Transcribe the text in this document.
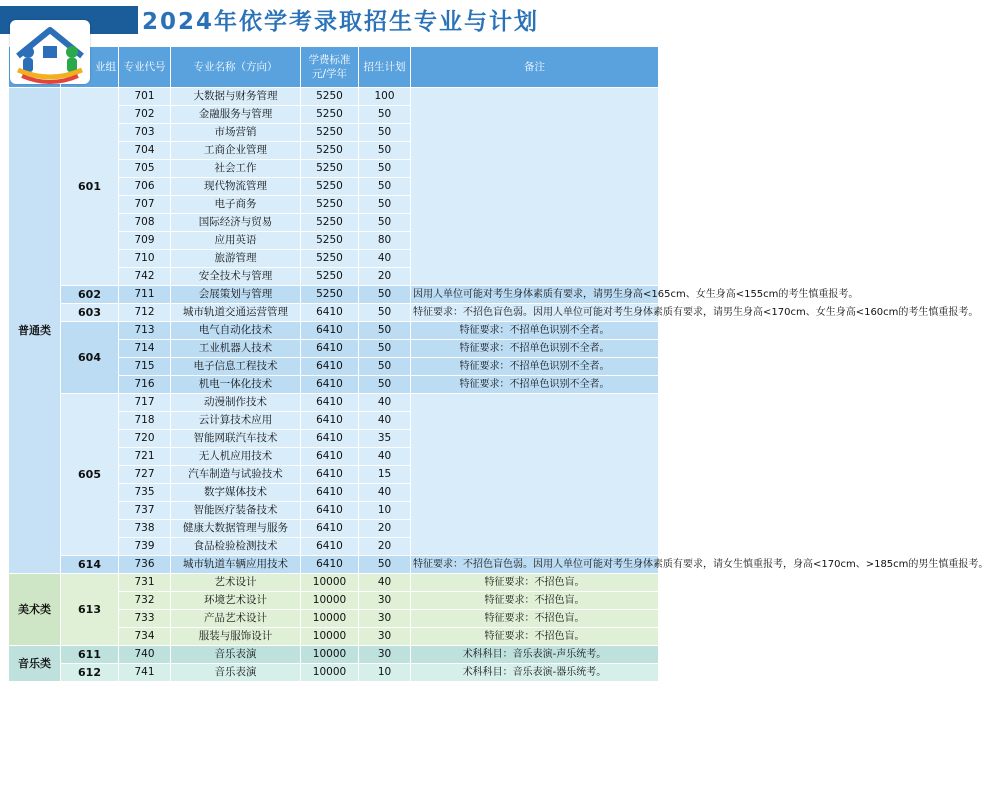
2024年依学考录取招生专业与计划
	业组	专业代号	专业名称（方向）	学费标准
元/学年	招生计划	备注
普通类	601	701	大数据与财务管理	5250	100	
		702	金融服务与管理	5250	50	
		703	市场营销	5250	50	
		704	工商企业管理	5250	50	
		705	社会工作	5250	50	
		706	现代物流管理	5250	50	
		707	电子商务	5250	50	
		708	国际经济与贸易	5250	50	
		709	应用英语	5250	80	
		710	旅游管理	5250	40	
		742	安全技术与管理	5250	20	
	602	711	会展策划与管理	5250	50	因用人单位可能对考生身体素质有要求，请男生身高<165cm、女生身高<155cm的考生慎重报考。
	603	712	城市轨道交通运营管理	6410	50	特征要求：不招色盲色弱。因用人单位可能对考生身体素质有要求，请男生身高<170cm、女生身高<160cm的考生慎重报考。
	604	713	电气自动化技术	6410	50	特征要求：不招单色识别不全者。
		714	工业机器人技术	6410	50	特征要求：不招单色识别不全者。
		715	电子信息工程技术	6410	50	特征要求：不招单色识别不全者。
		716	机电一体化技术	6410	50	特征要求：不招单色识别不全者。
	605	717	动漫制作技术	6410	40	
		718	云计算技术应用	6410	40	
		720	智能网联汽车技术	6410	35	
		721	无人机应用技术	6410	40	
		727	汽车制造与试验技术	6410	15	
		735	数字媒体技术	6410	40	
		737	智能医疗装备技术	6410	10	
		738	健康大数据管理与服务	6410	20	
		739	食品检验检测技术	6410	20	
	614	736	城市轨道车辆应用技术	6410	50	特征要求：不招色盲色弱。因用人单位可能对考生身体素质有要求，请女生慎重报考，身高<170cm、>185cm的男生慎重报考。
美术类	613	731	艺术设计	10000	40	特征要求：不招色盲。
		732	环境艺术设计	10000	30	特征要求：不招色盲。
		733	产品艺术设计	10000	30	特征要求：不招色盲。
		734	服装与服饰设计	10000	30	特征要求：不招色盲。
音乐类	611	740	音乐表演	10000	30	术科科目：音乐表演-声乐统考。
	612	741	音乐表演	10000	10	术科科目：音乐表演-器乐统考。
